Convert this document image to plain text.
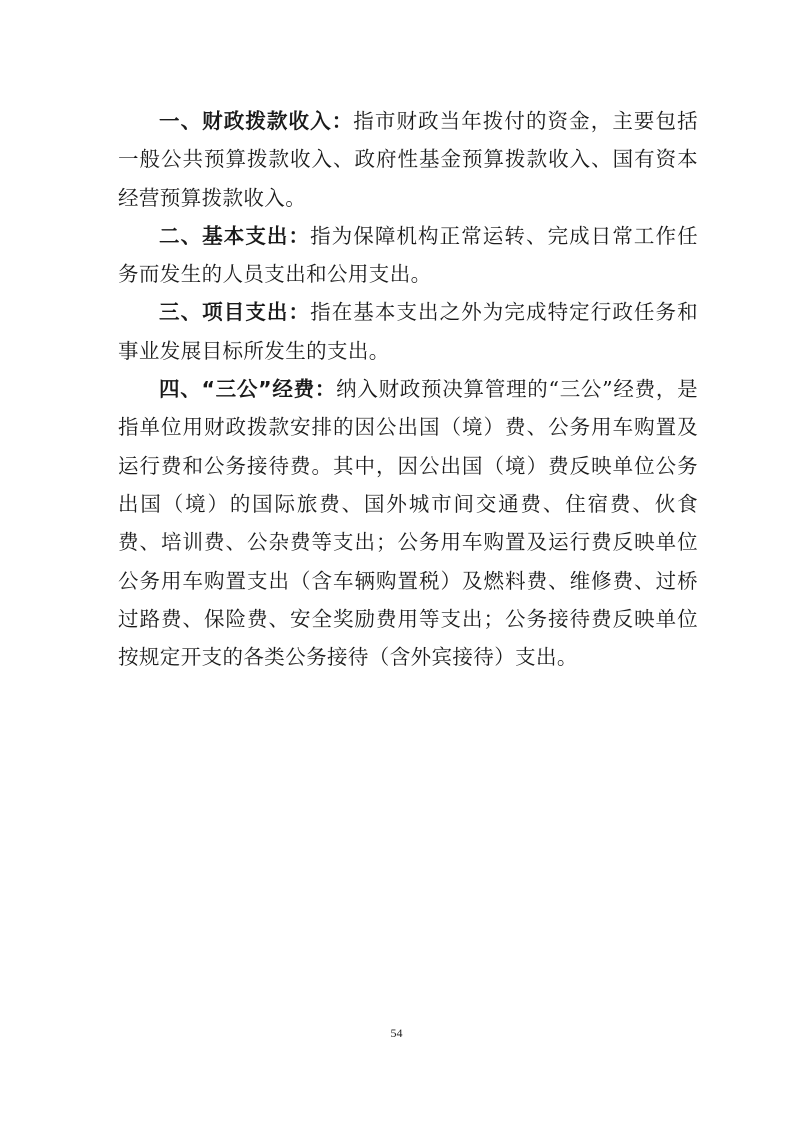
一、财政拨款收入：指市财政当年拨付的资金，主要包括一般公共预算拨款收入、政府性基金预算拨款收入、国有资本经营预算拨款收入。

二、基本支出：指为保障机构正常运转、完成日常工作任务而发生的人员支出和公用支出。

三、项目支出：指在基本支出之外为完成特定行政任务和事业发展目标所发生的支出。

四、“三公”经费：纳入财政预决算管理的“三公”经费，是指单位用财政拨款安排的因公出国（境）费、公务用车购置及运行费和公务接待费。其中，因公出国（境）费反映单位公务出国（境）的国际旅费、国外城市间交通费、住宿费、伙食费、培训费、公杂费等支出；公务用车购置及运行费反映单位公务用车购置支出（含车辆购置税）及燃料费、维修费、过桥过路费、保险费、安全奖励费用等支出；公务接待费反映单位按规定开支的各类公务接待（含外宾接待）支出。

54
